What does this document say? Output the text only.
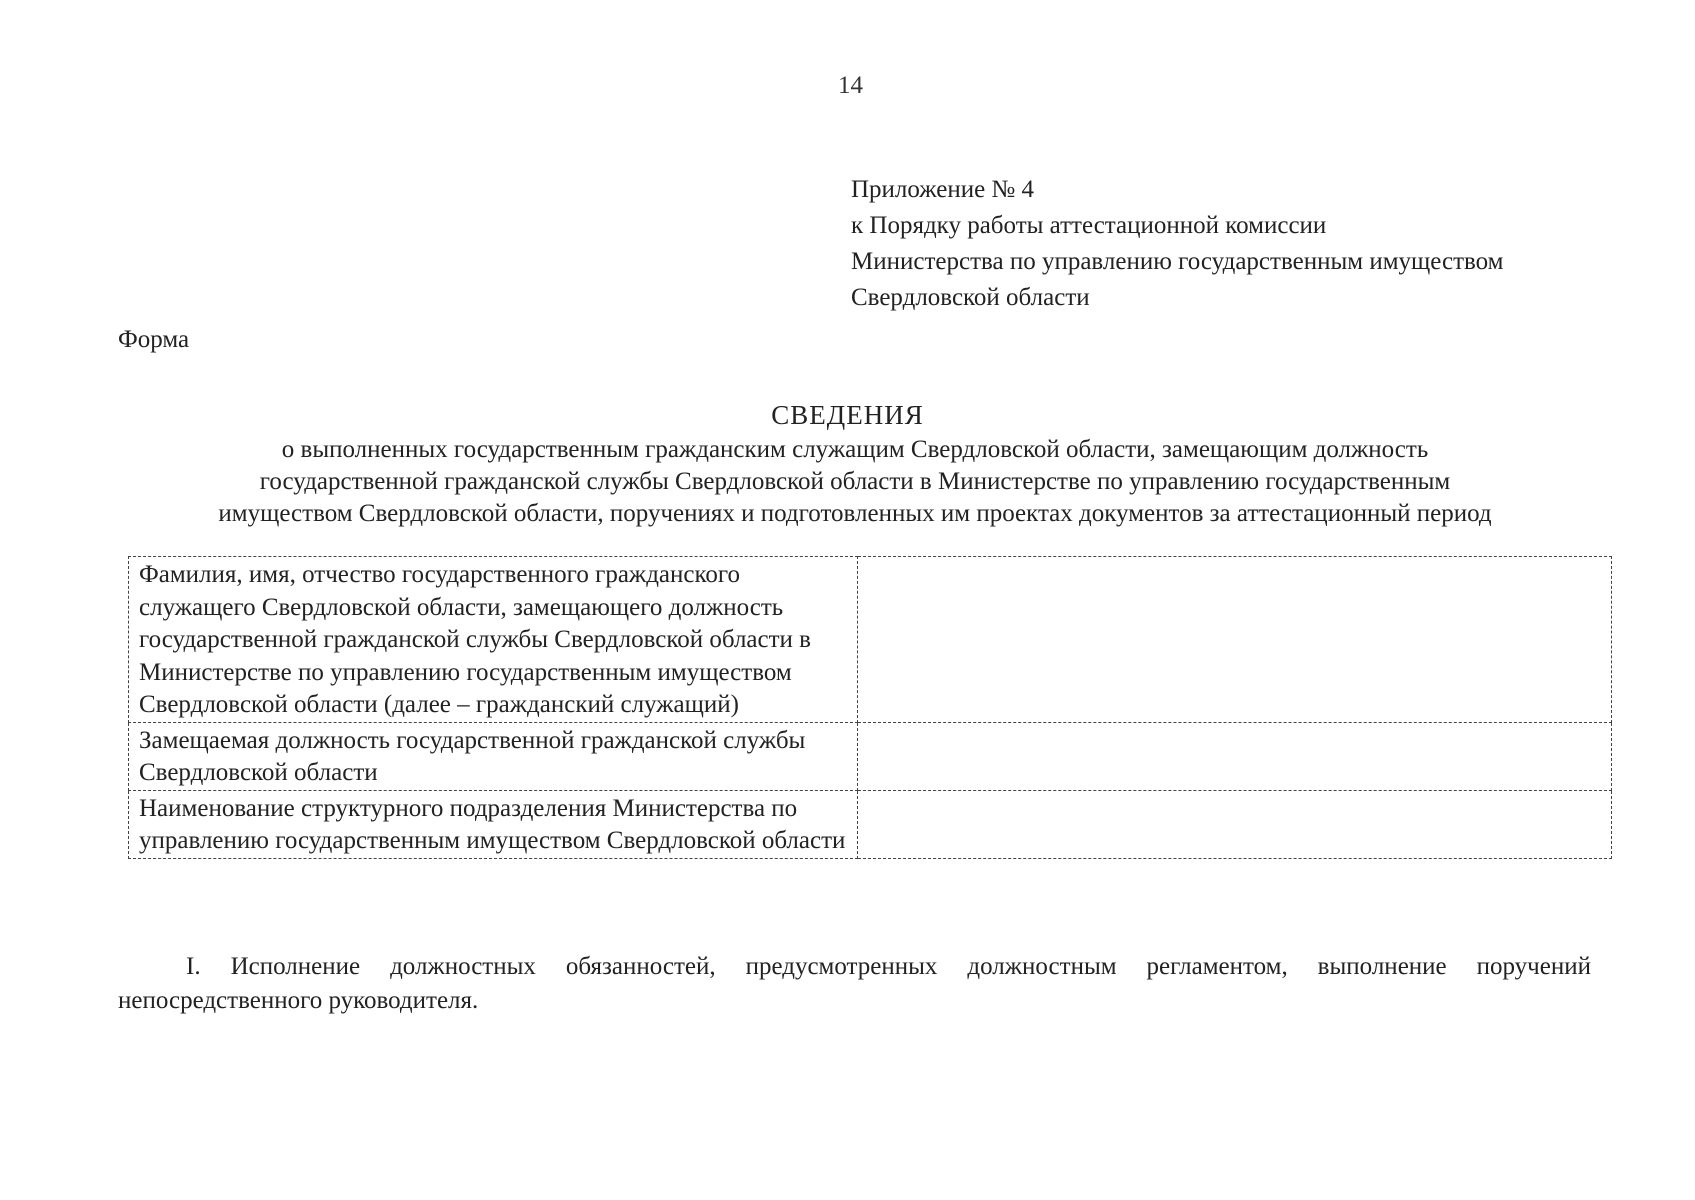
14
Приложение № 4
к Порядку работы аттестационной комиссии
Министерства по управлению государственным имуществом
Свердловской области
Форма
СВЕДЕНИЯ
о выполненных государственным гражданским служащим Свердловской области, замещающим должность
государственной гражданской службы Свердловской области в Министерстве по управлению государственным
имуществом Свердловской области, поручениях и подготовленных им проектах документов за аттестационный период
Фамилия, имя, отчество государственного гражданского служащего Свердловской области, замещающего должность государственной гражданской службы Свердловской области в Министерстве по управлению государственным имуществом Свердловской области (далее – гражданский служащий)	
Замещаемая должность государственной гражданской службы Свердловской области	
Наименование структурного подразделения Министерства по управлению государственным имуществом Свердловской области	
I. Исполнение должностных обязанностей, предусмотренных должностным регламентом, выполнение поручений непосредственного руководителя.
